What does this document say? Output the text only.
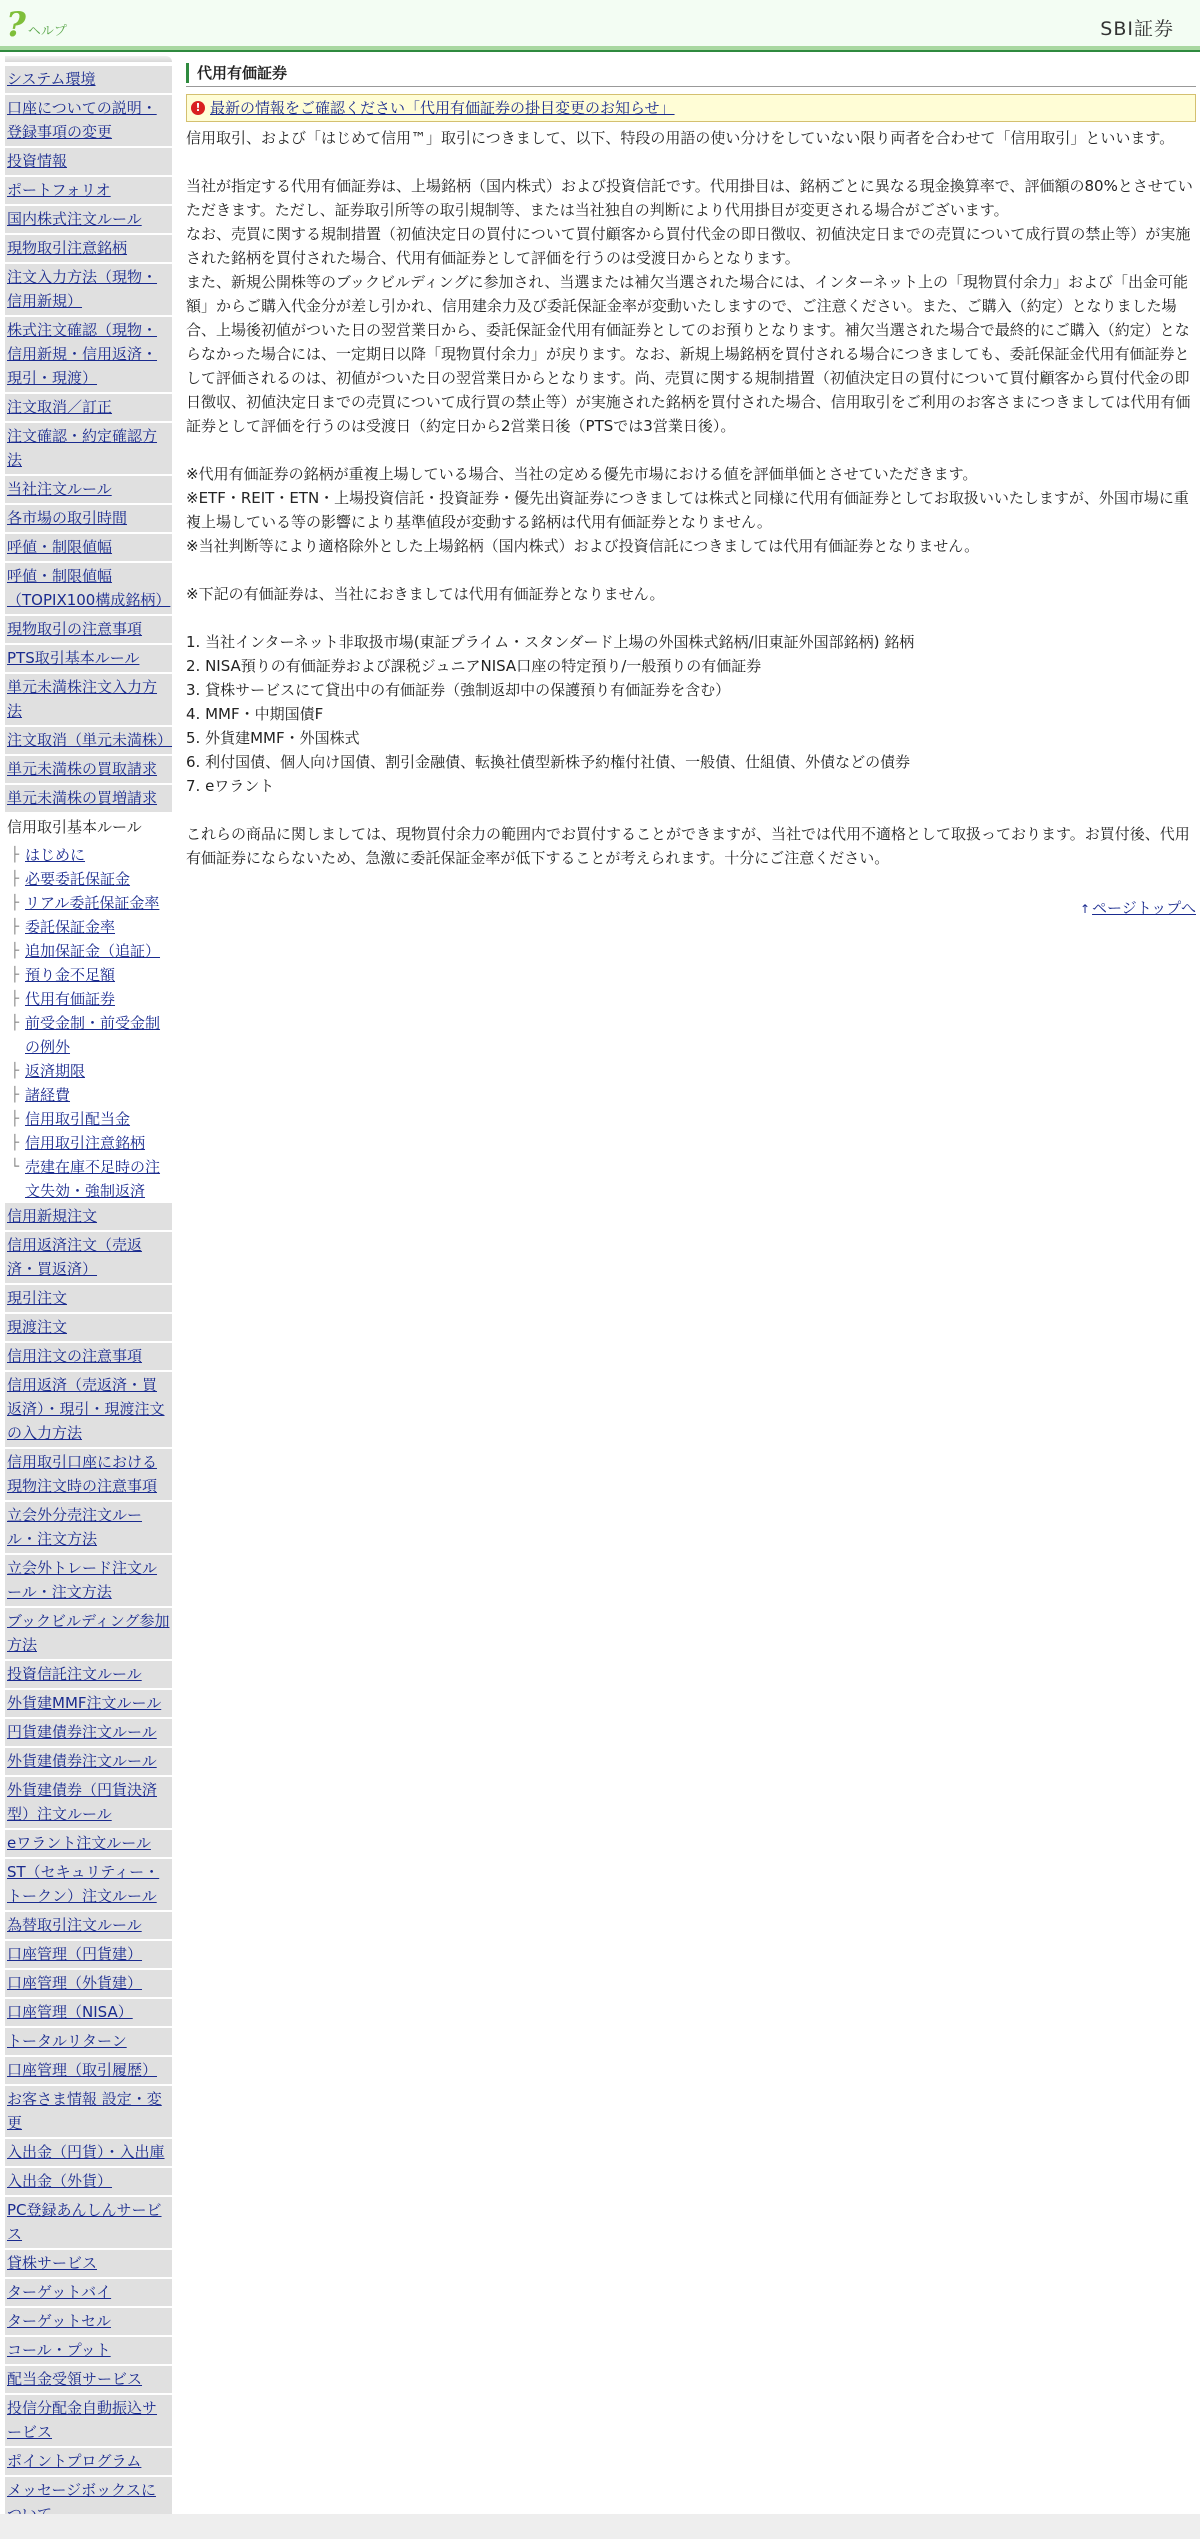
? ヘルプ	SBI証券
システム環境
口座についての説明・登録事項の変更
投資情報
ポートフォリオ
国内株式注文ルール
現物取引注意銘柄
注文入力方法（現物・信用新規）
株式注文確認（現物・信用新規・信用返済・現引・現渡）
注文取消／訂正
注文確認・約定確認方法
当社注文ルール
各市場の取引時間
呼値・制限値幅
呼値・制限値幅（TOPIX100構成銘柄）
現物取引の注意事項
PTS取引基本ルール
単元未満株注文入力方法
注文取消（単元未満株）
単元未満株の買取請求
単元未満株の買増請求
信用取引基本ルール
├ はじめに
├ 必要委託保証金
├ リアル委託保証金率
├ 委託保証金率
├ 追加保証金（追証）
├ 預り金不足額
├ 代用有価証券
├ 前受金制・前受金制の例外
├ 返済期限
├ 諸経費
├ 信用取引配当金
├ 信用取引注意銘柄
└ 売建在庫不足時の注文失効・強制返済
信用新規注文
信用返済注文（売返済・買返済）
現引注文
現渡注文
信用注文の注意事項
信用返済（売返済・買返済）・現引・現渡注文の入力方法
信用取引口座における現物注文時の注意事項
立会外分売注文ルール・注文方法
立会外トレード注文ルール・注文方法
ブックビルディング参加方法
投資信託注文ルール
外貨建MMF注文ルール
円貨建債券注文ルール
外貨建債券注文ルール
外貨建債券（円貨決済型）注文ルール
eワラント注文ルール
ST（セキュリティー・トークン）注文ルール
為替取引注文ルール
口座管理（円貨建）
口座管理（外貨建）
口座管理（NISA）
トータルリターン
口座管理（取引履歴）
お客さま情報 設定・変更
入出金（円貨）・入出庫
入出金（外貨）
PC登録あんしんサービス
貸株サービス
ターゲットバイ
ターゲットセル
コール・プット
配当金受領サービス
投信分配金自動振込サービス
ポイントプログラム
メッセージボックスに
代用有価証券
! 最新の情報をご確認ください「代用有価証券の掛目変更のお知らせ」
信用取引、および「はじめて信用™」取引につきまして、以下、特段の用語の使い分けをしていない限り両者を合わせて「信用取引」といいます。
当社が指定する代用有価証券は、上場銘柄（国内株式）および投資信託です。代用掛目は、銘柄ごとに異なる現金換算率で、評価額の80%とさせていただきます。ただし、証券取引所等の取引規制等、または当社独自の判断により代用掛目が変更される場合がございます。
なお、売買に関する規制措置（初値決定日の買付について買付顧客から買付代金の即日徴収、初値決定日までの売買について成行買の禁止等）が実施された銘柄を買付された場合、代用有価証券として評価を行うのは受渡日からとなります。
また、新規公開株等のブックビルディングに参加され、当選または補欠当選された場合には、インターネット上の「現物買付余力」および「出金可能額」からご購入代金分が差し引かれ、信用建余力及び委託保証金率が変動いたしますので、ご注意ください。また、ご購入（約定）となりました場合、上場後初値がついた日の翌営業日から、委託保証金代用有価証券としてのお預りとなります。補欠当選された場合で最終的にご購入（約定）とならなかった場合には、一定期日以降「現物買付余力」が戻ります。なお、新規上場銘柄を買付される場合につきましても、委託保証金代用有価証券として評価されるのは、初値がついた日の翌営業日からとなります。尚、売買に関する規制措置（初値決定日の買付について買付顧客から買付代金の即日徴収、初値決定日までの売買について成行買の禁止等）が実施された銘柄を買付された場合、信用取引をご利用のお客さまにつきましては代用有価証券として評価を行うのは受渡日（約定日から2営業日後（PTSでは3営業日後）。
※代用有価証券の銘柄が重複上場している場合、当社の定める優先市場における値を評価単価とさせていただきます。
※ETF・REIT・ETN・上場投資信託・投資証券・優先出資証券につきましては株式と同様に代用有価証券としてお取扱いいたしますが、外国市場に重複上場している等の影響により基準値段が変動する銘柄は代用有価証券となりません。
※当社判断等により適格除外とした上場銘柄（国内株式）および投資信託につきましては代用有価証券となりません。
※下記の有価証券は、当社におきましては代用有価証券となりません。
1. 当社インターネット非取扱市場(東証プライム・スタンダード上場の外国株式銘柄/旧東証外国部銘柄) 銘柄
2. NISA預りの有価証券および課税ジュニアNISA口座の特定預り/一般預りの有価証券
3. 貸株サービスにて貸出中の有価証券（強制返却中の保護預り有価証券を含む）
4. MMF・中期国債F
5. 外貨建MMF・外国株式
6. 利付国債、個人向け国債、割引金融債、転換社債型新株予約権付社債、一般債、仕組債、外債などの債券
7. eワラント
これらの商品に関しましては、現物買付余力の範囲内でお買付することができますが、当社では代用不適格として取扱っております。お買付後、代用有価証券にならないため、急激に委託保証金率が低下することが考えられます。十分にご注意ください。
↑ ページトップへ
